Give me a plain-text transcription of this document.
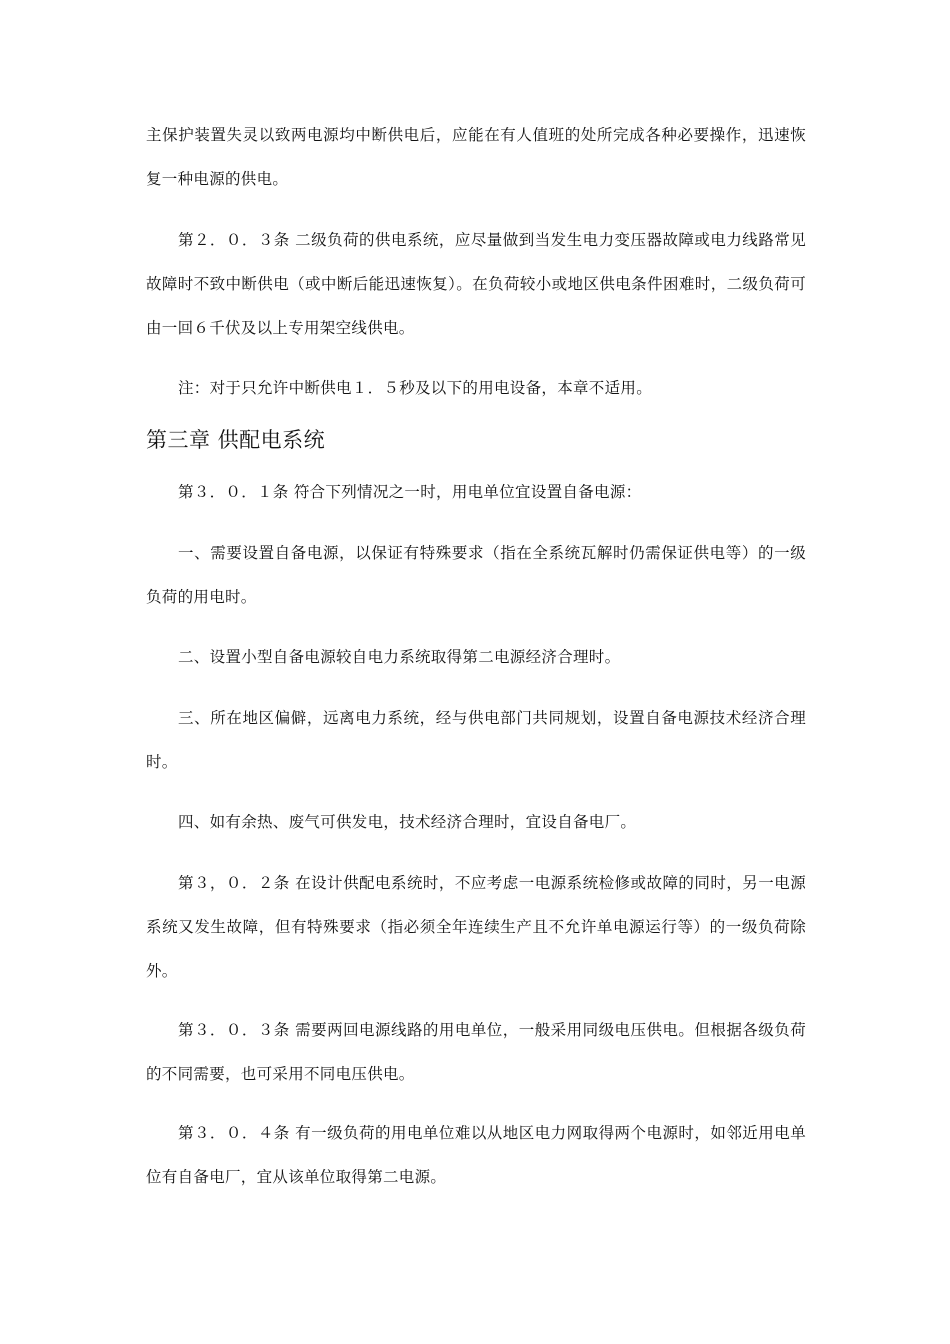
主保护装置失灵以致两电源均中断供电后，应能在有人值班的处所完成各种必要操作，迅速恢复一种电源的供电。

第２．０．３条 二级负荷的供电系统，应尽量做到当发生电力变压器故障或电力线路常见故障时不致中断供电（或中断后能迅速恢复）。在负荷较小或地区供电条件困难时，二级负荷可由一回６千伏及以上专用架空线供电。

注：对于只允许中断供电１．５秒及以下的用电设备，本章不适用。

第三章 供配电系统

第３．０．１条 符合下列情况之一时，用电单位宜设置自备电源：

一、需要设置自备电源，以保证有特殊要求（指在全系统瓦解时仍需保证供电等）的一级负荷的用电时。

二、设置小型自备电源较自电力系统取得第二电源经济合理时。

三、所在地区偏僻，远离电力系统，经与供电部门共同规划，设置自备电源技术经济合理时。

四、如有余热、废气可供发电，技术经济合理时，宜设自备电厂。

第３，０．２条 在设计供配电系统时，不应考虑一电源系统检修或故障的同时，另一电源系统又发生故障，但有特殊要求（指必须全年连续生产且不允许单电源运行等）的一级负荷除外。

第３．０．３条 需要两回电源线路的用电单位，一般采用同级电压供电。但根据各级负荷的不同需要，也可采用不同电压供电。

第３．０．４条 有一级负荷的用电单位难以从地区电力网取得两个电源时，如邻近用电单位有自备电厂，宜从该单位取得第二电源。
